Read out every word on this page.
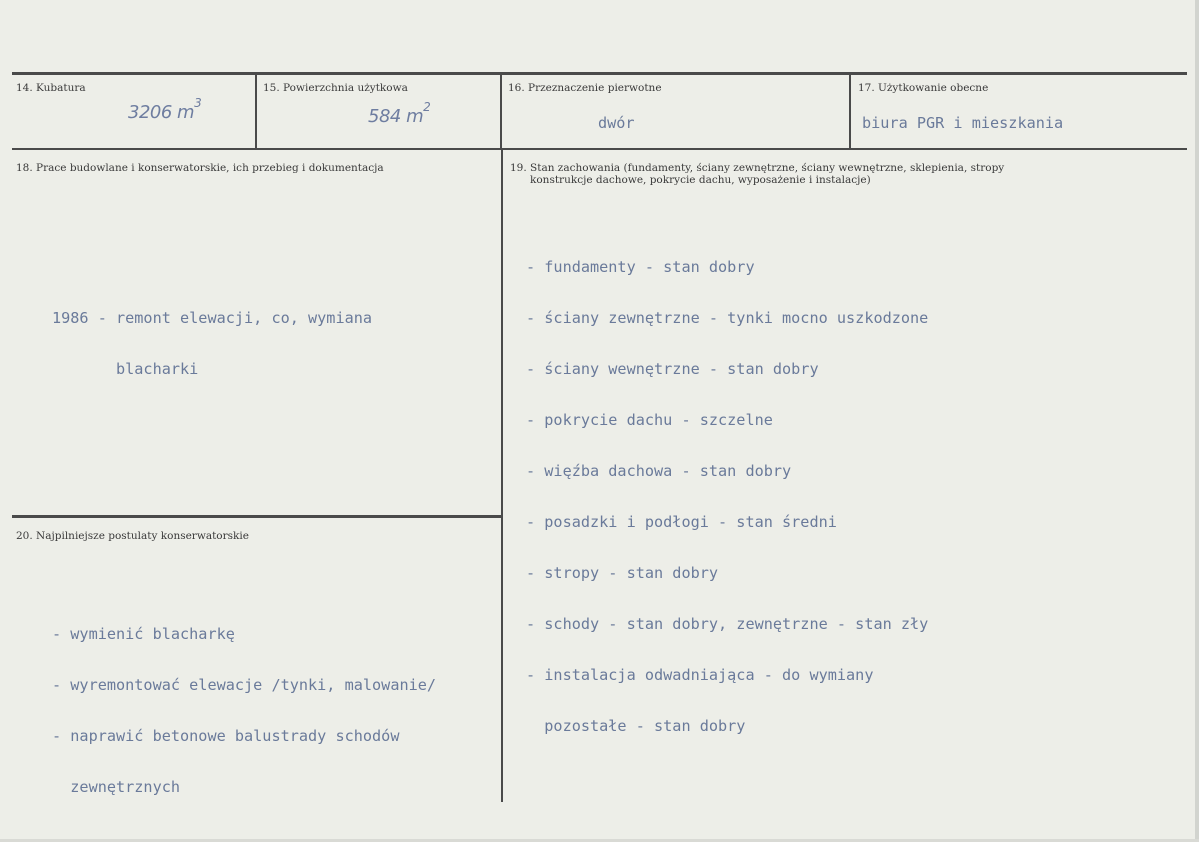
14. Kubatura
3206 $m^3$
15. Powierzchnia użytkowa
584 $m^2$
16. Przeznaczenie pierwotne
dwór
17. Użytkowanie obecne
biura PGR i mieszkania
18. Prace budowlane i konserwatorskie, ich przebieg i dokumentacja

1986 - remont elewacji, co, wymiana

blacharki

19. Stan zachowania (fundamenty, ściany zewnętrzne, ściany wewnętrzne, sklepienia, stropy
konstrukcje dachowe, pokrycie dachu, wyposażenie i instalacje)

- fundamenty - stan dobry

- ściany zewnętrzne - tynki mocno uszkodzone

- ściany wewnętrzne - stan dobry

- pokrycie dachu - szczelne

- więźba dachowa - stan dobry

- posadzki i podłogi - stan średni

- stropy - stan dobry

- schody - stan dobry, zewnętrzne - stan zły

- instalacja odwadniająca - do wymiany

pozostałe - stan dobry

20. Najpilniejsze postulaty konserwatorskie

- wymienić blacharkę

- wyremontować elewacje /tynki, malowanie/

- naprawić betonowe balustrady schodów

zewnętrznych
